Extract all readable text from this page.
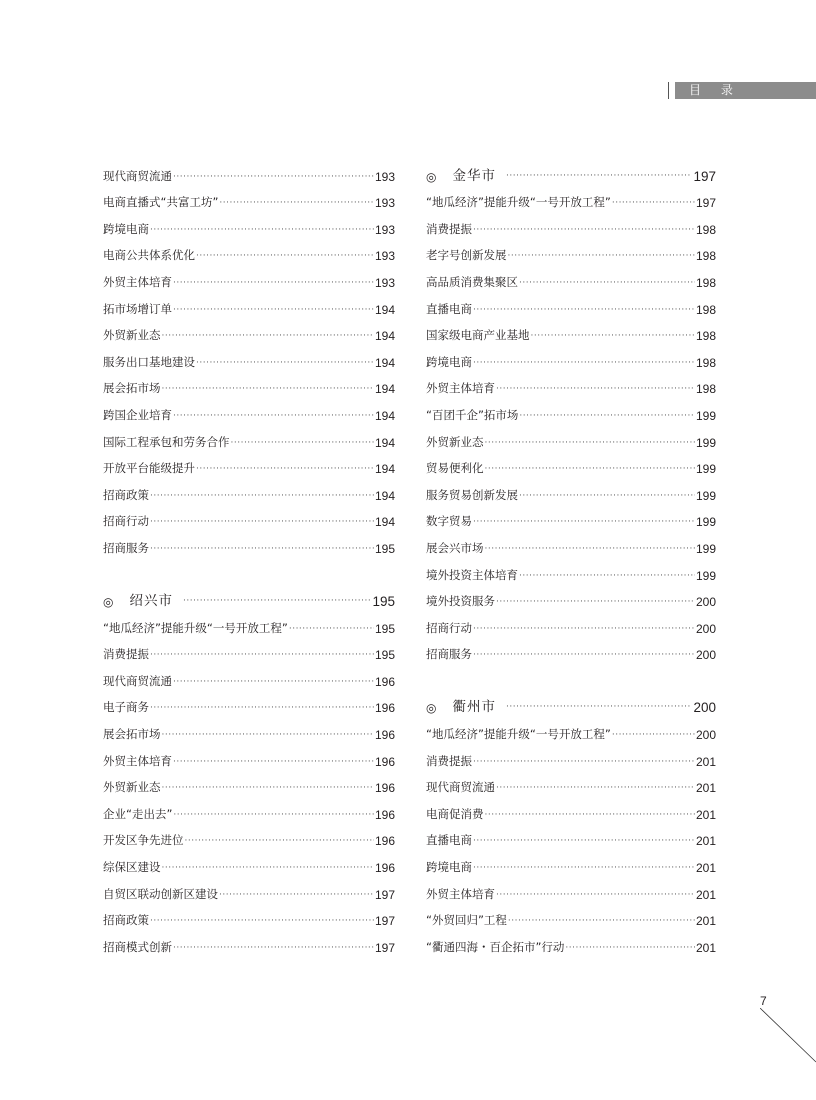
目 录
现代商贸流通 ·····	193
电商直播式“共富工坊” ·····	193
跨境电商 ·····	193
电商公共体系优化 ·····	193
外贸主体培育 ·····	193
拓市场增订单 ·····	194
外贸新业态 ·····	194
服务出口基地建设 ·····	194
展会拓市场 ·····	194
跨国企业培育 ·····	194
国际工程承包和劳务合作 ·····	194
开放平台能级提升 ·····	194
招商政策 ·····	194
招商行动 ·····	194
招商服务 ·····	195
◎ 绍兴市 ·····	195
“地瓜经济”提能升级“一号开放工程” ·····	195
消费提振 ·····	195
现代商贸流通 ·····	196
电子商务 ·····	196
展会拓市场 ·····	196
外贸主体培育 ·····	196
外贸新业态 ·····	196
企业“走出去” ·····	196
开发区争先进位 ·····	196
综保区建设 ·····	196
自贸区联动创新区建设 ·····	197
招商政策 ·····	197
招商模式创新 ·····	197
◎ 金华市 ·····	197
“地瓜经济”提能升级“一号开放工程” ·····	197
消费提振 ·····	198
老字号创新发展 ·····	198
高品质消费集聚区 ·····	198
直播电商 ·····	198
国家级电商产业基地 ·····	198
跨境电商 ·····	198
外贸主体培育 ·····	198
“百团千企”拓市场 ·····	199
外贸新业态 ·····	199
贸易便利化 ·····	199
服务贸易创新发展 ·····	199
数字贸易 ·····	199
展会兴市场 ·····	199
境外投资主体培育 ·····	199
境外投资服务 ·····	200
招商行动 ·····	200
招商服务 ·····	200
◎ 衢州市 ·····	200
“地瓜经济”提能升级“一号开放工程” ·····	200
消费提振 ·····	201
现代商贸流通 ·····	201
电商促消费 ·····	201
直播电商 ·····	201
跨境电商 ·····	201
外贸主体培育 ·····	201
“外贸回归”工程 ·····	201
“衢通四海・百企拓市”行动 ·····	201
7
